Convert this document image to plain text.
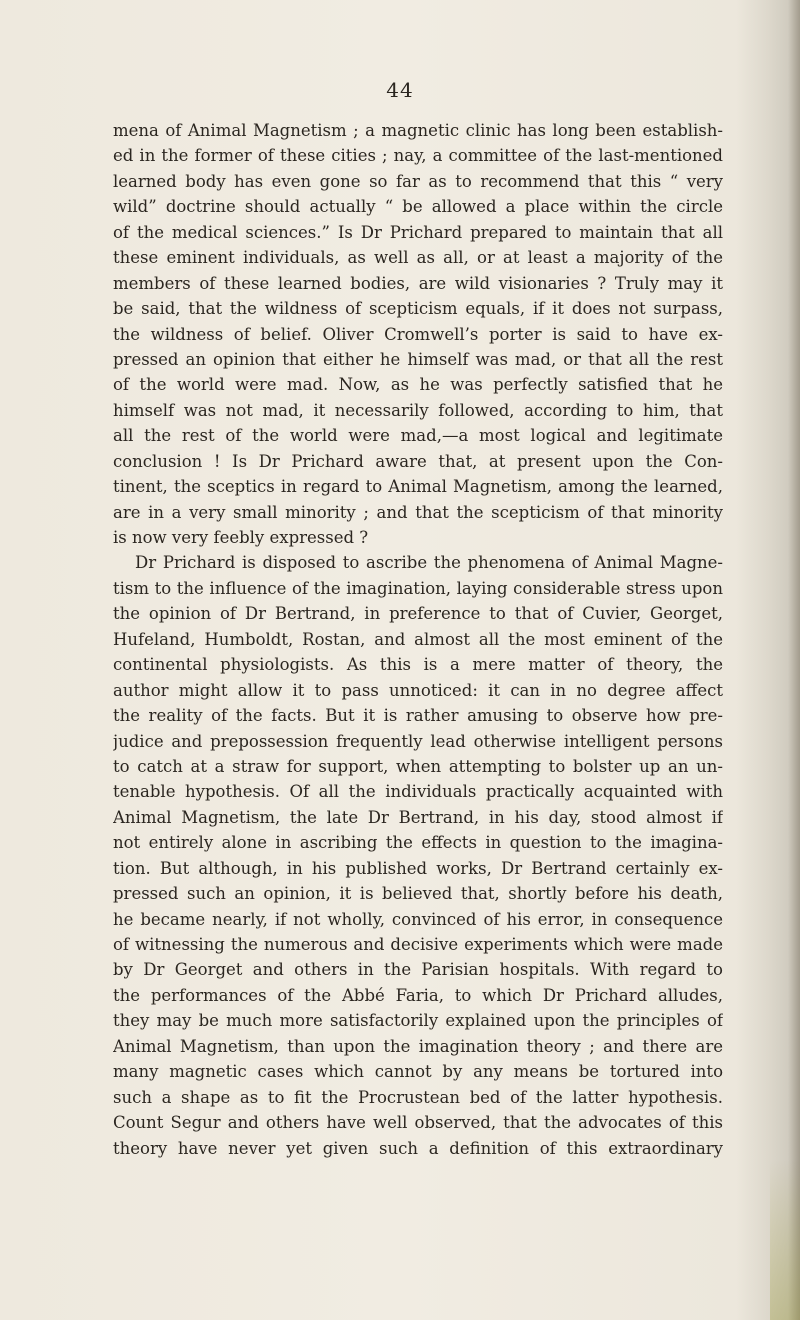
44
mena of Animal Magnetism ; a magnetic clinic has long been establish-
ed in the former of these cities ; nay, a committee of the last-mentioned
learned body has even gone so far as to recommend that this “ very
wild” doctrine should actually “ be allowed a place within the circle
of the medical sciences.” Is Dr Prichard prepared to maintain that all
these eminent individuals, as well as all, or at least a majority of the
members of these learned bodies, are wild visionaries ? Truly may it
be said, that the wildness of scepticism equals, if it does not surpass,
the wildness of belief. Oliver Cromwell’s porter is said to have ex-
pressed an opinion that either he himself was mad, or that all the rest
of the world were mad. Now, as he was perfectly satisfied that he
himself was not mad, it necessarily followed, according to him, that
all the rest of the world were mad,—a most logical and legitimate
conclusion ! Is Dr Prichard aware that, at present upon the Con-
tinent, the sceptics in regard to Animal Magnetism, among the learned,
are in a very small minority ; and that the scepticism of that minority
is now very feebly expressed ?
Dr Prichard is disposed to ascribe the phenomena of Animal Magne-
tism to the influence of the imagination, laying considerable stress upon
the opinion of Dr Bertrand, in preference to that of Cuvier, Georget,
Hufeland, Humboldt, Rostan, and almost all the most eminent of the
continental physiologists. As this is a mere matter of theory, the
author might allow it to pass unnoticed: it can in no degree affect
the reality of the facts. But it is rather amusing to observe how pre-
judice and prepossession frequently lead otherwise intelligent persons
to catch at a straw for support, when attempting to bolster up an un-
tenable hypothesis. Of all the individuals practically acquainted with
Animal Magnetism, the late Dr Bertrand, in his day, stood almost if
not entirely alone in ascribing the effects in question to the imagina-
tion. But although, in his published works, Dr Bertrand certainly ex-
pressed such an opinion, it is believed that, shortly before his death,
he became nearly, if not wholly, convinced of his error, in consequence
of witnessing the numerous and decisive experiments which were made
by Dr Georget and others in the Parisian hospitals. With regard to
the performances of the Abbé Faria, to which Dr Prichard alludes,
they may be much more satisfactorily explained upon the principles of
Animal Magnetism, than upon the imagination theory ; and there are
many magnetic cases which cannot by any means be tortured into
such a shape as to fit the Procrustean bed of the latter hypothesis.
Count Segur and others have well observed, that the advocates of this
theory have never yet given such a definition of this extraordinary
